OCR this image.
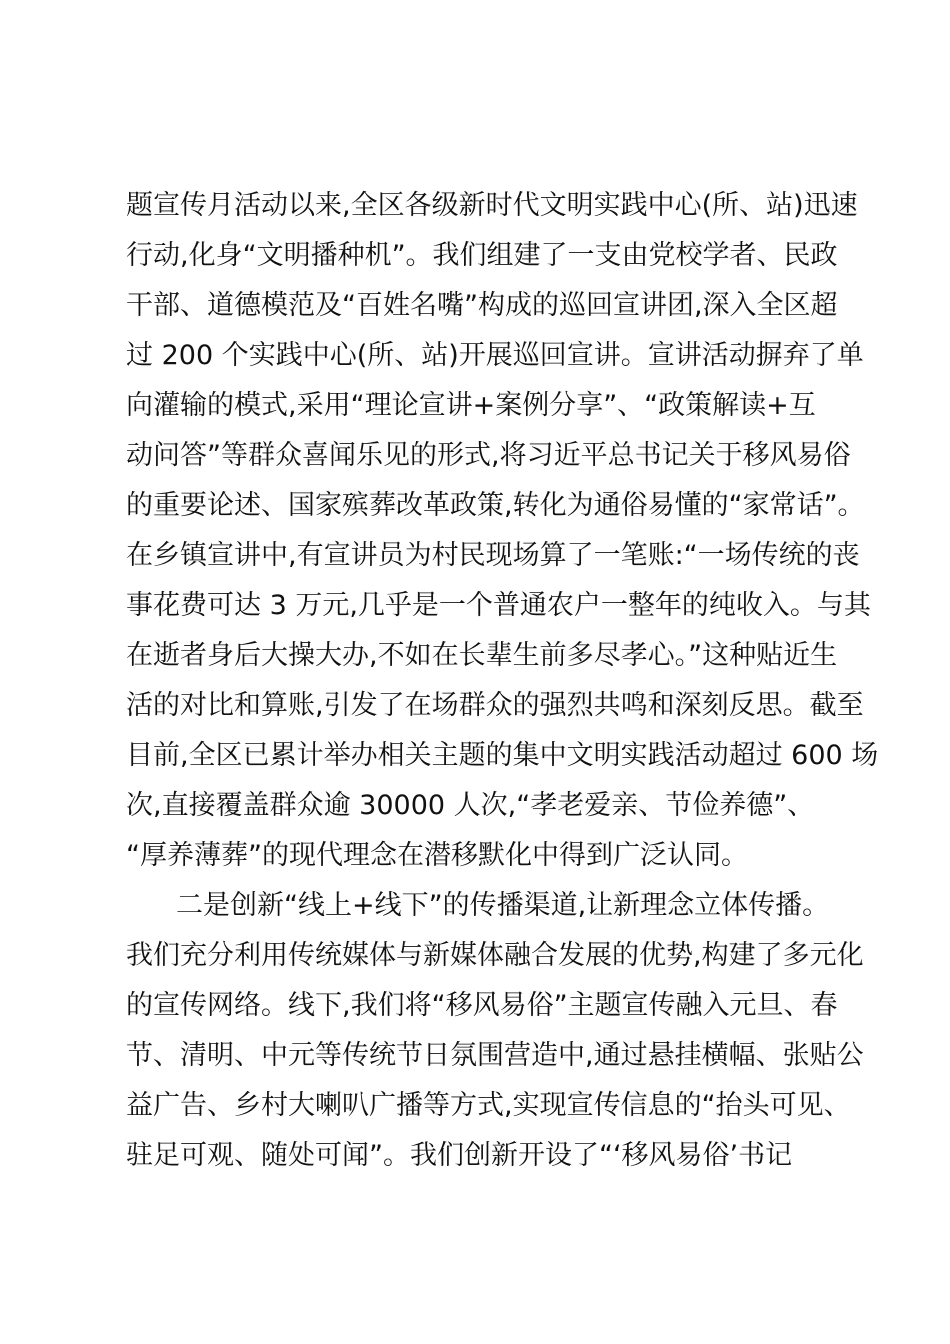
题宣传月活动以来,全区各级新时代文明实践中心(所、站)迅速
行动,化身“文明播种机”。我们组建了一支由党校学者、民政
干部、道德模范及“百姓名嘴”构成的巡回宣讲团,深入全区超
过 200 个实践中心(所、站)开展巡回宣讲。宣讲活动摒弃了单
向灌输的模式,采用“理论宣讲+案例分享”、“政策解读+互
动问答”等群众喜闻乐见的形式,将习近平总书记关于移风易俗
的重要论述、国家殡葬改革政策,转化为通俗易懂的“家常话”。
在乡镇宣讲中,有宣讲员为村民现场算了一笔账:“一场传统的丧
事花费可达 3 万元,几乎是一个普通农户一整年的纯收入。与其
在逝者身后大操大办,不如在长辈生前多尽孝心。”这种贴近生
活的对比和算账,引发了在场群众的强烈共鸣和深刻反思。截至
目前,全区已累计举办相关主题的集中文明实践活动超过 600 场
次,直接覆盖群众逾 30000 人次,“孝老爱亲、节俭养德”、
“厚养薄葬”的现代理念在潜移默化中得到广泛认同。
二是创新“线上+线下”的传播渠道,让新理念立体传播。
我们充分利用传统媒体与新媒体融合发展的优势,构建了多元化
的宣传网络。线下,我们将“移风易俗”主题宣传融入元旦、春
节、清明、中元等传统节日氛围营造中,通过悬挂横幅、张贴公
益广告、乡村大喇叭广播等方式,实现宣传信息的“抬头可见、
驻足可观、随处可闻”。我们创新开设了“‘移风易俗’书记
